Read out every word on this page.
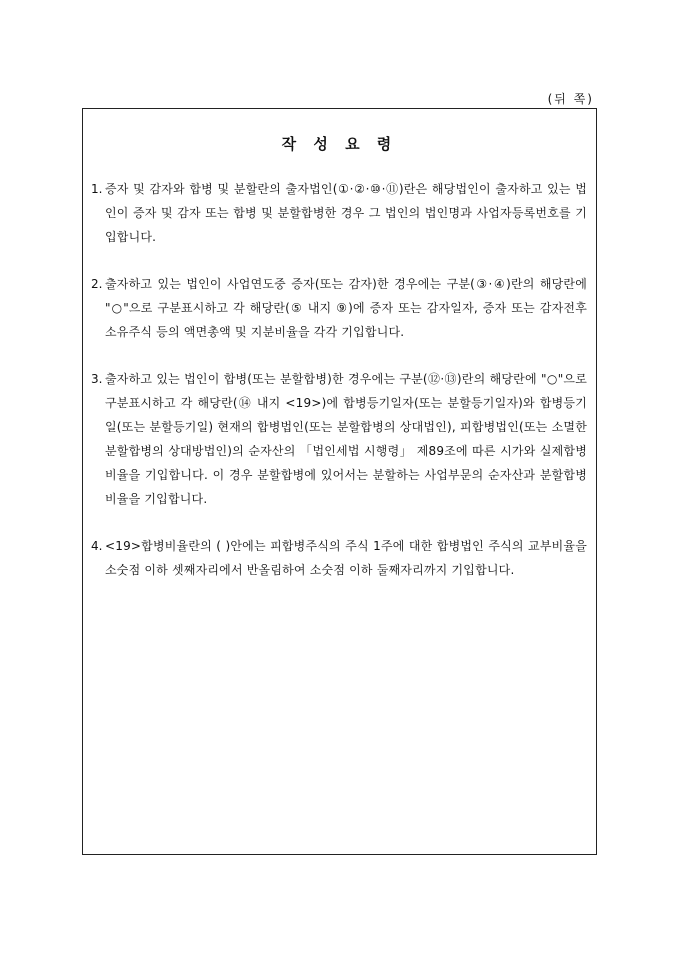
(뒤 쪽)
작 성 요 령
1. 증자 및 감자와 합병 및 분할란의 출자법인(①·②·⑩·⑪)란은 해당법인이 출자하고 있는 법인이 증자 및 감자 또는 합병 및 분할합병한 경우 그 법인의 법인명과 사업자등록번호를 기입합니다.
2. 출자하고 있는 법인이 사업연도중 증자(또는 감자)한 경우에는 구분(③·④)란의 해당란에 "○"으로 구분표시하고 각 해당란(⑤ 내지 ⑨)에 증자 또는 감자일자, 증자 또는 감자전후 소유주식 등의 액면총액 및 지분비율을 각각 기입합니다.
3. 출자하고 있는 법인이 합병(또는 분할합병)한 경우에는 구분(⑫·⑬)란의 해당란에 "○"으로 구분표시하고 각 해당란(⑭ 내지 <19>)에 합병등기일자(또는 분할등기일자)와 합병등기일(또는 분할등기일) 현재의 합병법인(또는 분할합병의 상대법인), 피합병법인(또는 소멸한 분할합병의 상대방법인)의 순자산의 「법인세법 시행령」 제89조에 따른 시가와 실제합병비율을 기입합니다. 이 경우 분할합병에 있어서는 분할하는 사업부문의 순자산과 분할합병비율을 기입합니다.
4. <19>합병비율란의 ( )안에는 피합병주식의 주식 1주에 대한 합병법인 주식의 교부비율을 소숫점 이하 셋째자리에서 반올림하여 소숫점 이하 둘째자리까지 기입합니다.
